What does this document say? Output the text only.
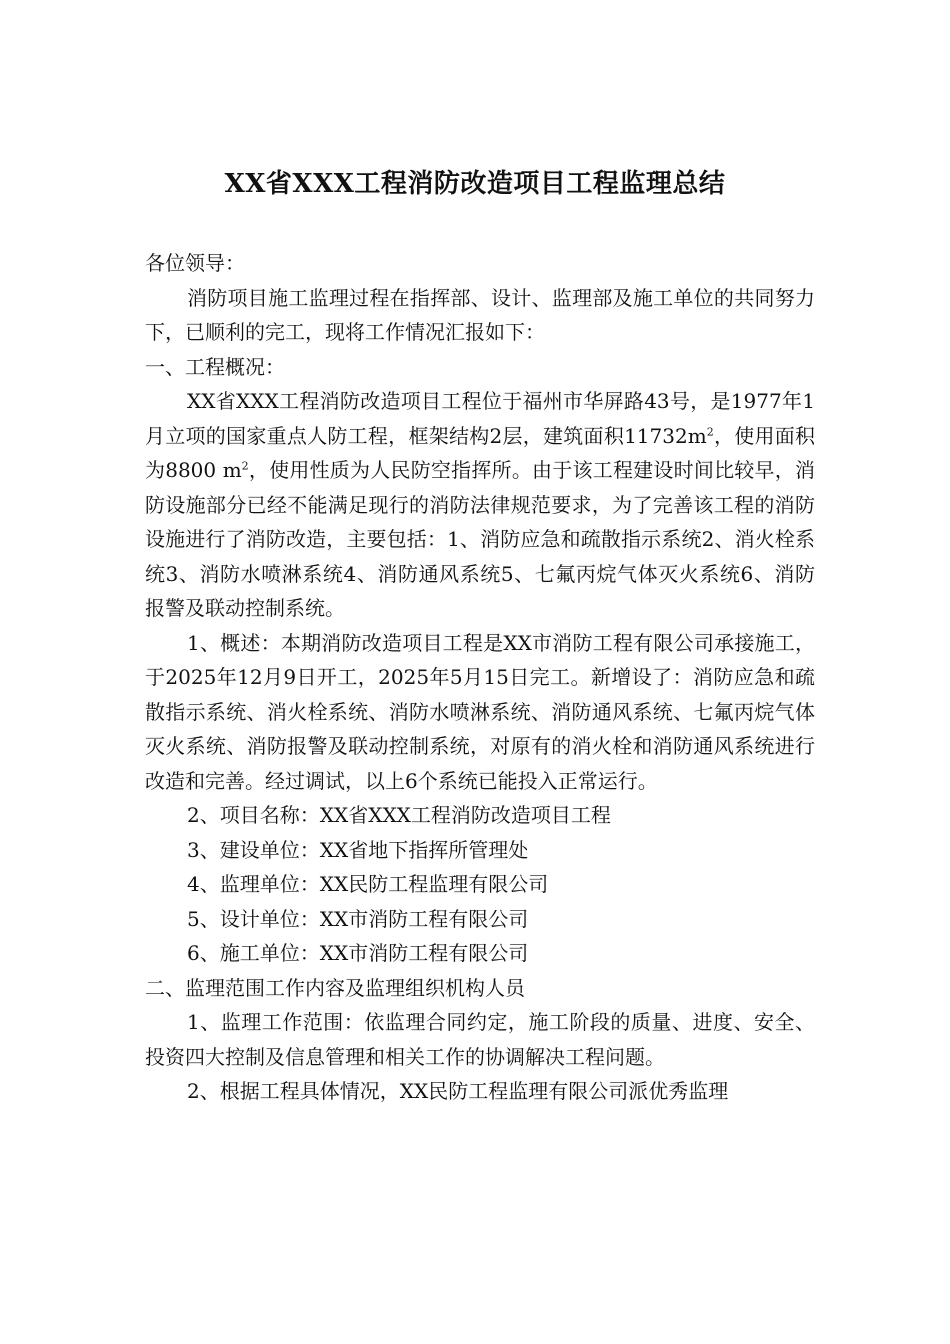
XX省XXX工程消防改造项目工程监理总结

各位领导：

消防项目施工监理过程在指挥部、设计、监理部及施工单位的共同努力下，已顺利的完工，现将工作情况汇报如下：

一、工程概况：

XX省XXX工程消防改造项目工程位于福州市华屏路43号，是1977年1月立项的国家重点人防工程，框架结构2层，建筑面积$11732m^2$，使用面积为8800 $m^2$，使用性质为人民防空指挥所。由于该工程建设时间比较早，消防设施部分已经不能满足现行的消防法律规范要求，为了完善该工程的消防设施进行了消防改造，主要包括：1、消防应急和疏散指示系统2、消火栓系统3、消防水喷淋系统4、消防通风系统5、七氟丙烷气体灭火系统6、消防报警及联动控制系统。

1、概述：本期消防改造项目工程是XX市消防工程有限公司承接施工，于2025年12月9日开工，2025年5月15日完工。新增设了：消防应急和疏散指示系统、消火栓系统、消防水喷淋系统、消防通风系统、七氟丙烷气体灭火系统、消防报警及联动控制系统，对原有的消火栓和消防通风系统进行改造和完善。经过调试，以上6个系统已能投入正常运行。

2、项目名称：XX省XXX工程消防改造项目工程

3、建设单位：XX省地下指挥所管理处

4、监理单位：XX民防工程监理有限公司

5、设计单位：XX市消防工程有限公司

6、施工单位：XX市消防工程有限公司

二、监理范围工作内容及监理组织机构人员

1、监理工作范围：依监理合同约定，施工阶段的质量、进度、安全、投资四大控制及信息管理和相关工作的协调解决工程问题。

2、根据工程具体情况，XX民防工程监理有限公司派优秀监理
